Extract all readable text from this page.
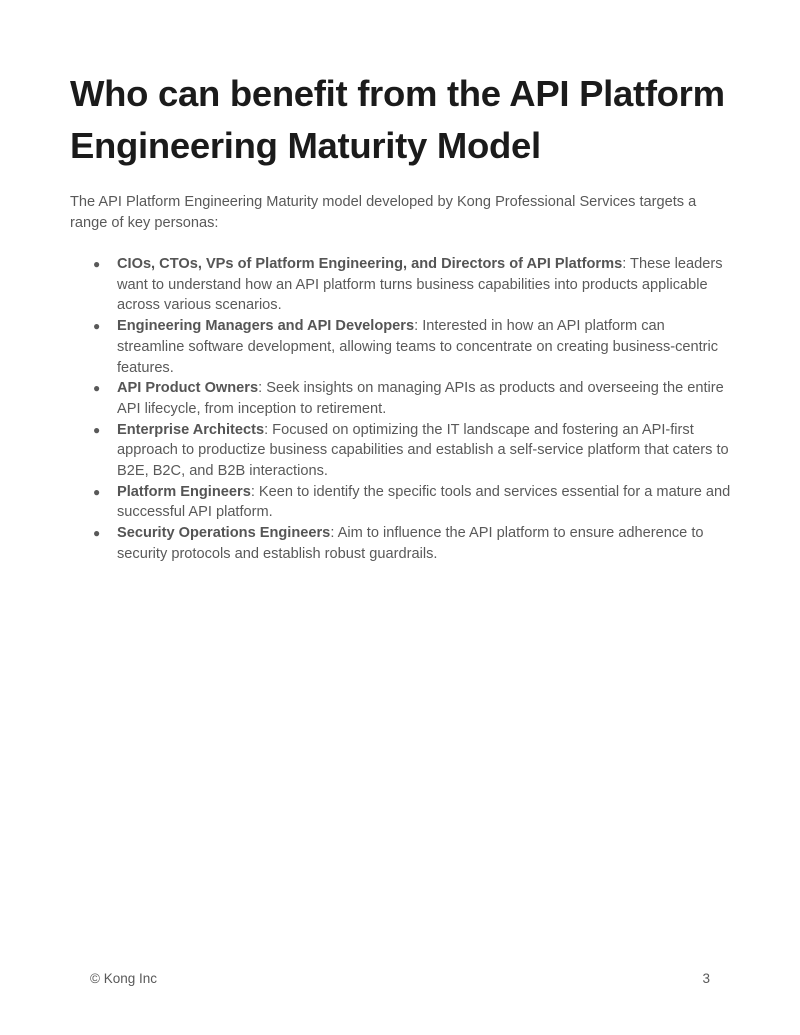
Who can benefit from the API Platform Engineering Maturity Model

The API Platform Engineering Maturity model developed by Kong Professional Services targets a range of key personas:

● CIOs, CTOs, VPs of Platform Engineering, and Directors of API Platforms: These leaders want to understand how an API platform turns business capabilities into products applicable across various scenarios.
● Engineering Managers and API Developers: Interested in how an API platform can streamline software development, allowing teams to concentrate on creating business-centric features.
● API Product Owners: Seek insights on managing APIs as products and overseeing the entire API lifecycle, from inception to retirement.
● Enterprise Architects: Focused on optimizing the IT landscape and fostering an API-first approach to productize business capabilities and establish a self-service platform that caters to B2E, B2C, and B2B interactions.
● Platform Engineers: Keen to identify the specific tools and services essential for a mature and successful API platform.
● Security Operations Engineers: Aim to influence the API platform to ensure adherence to security protocols and establish robust guardrails.
© Kong Inc	3
